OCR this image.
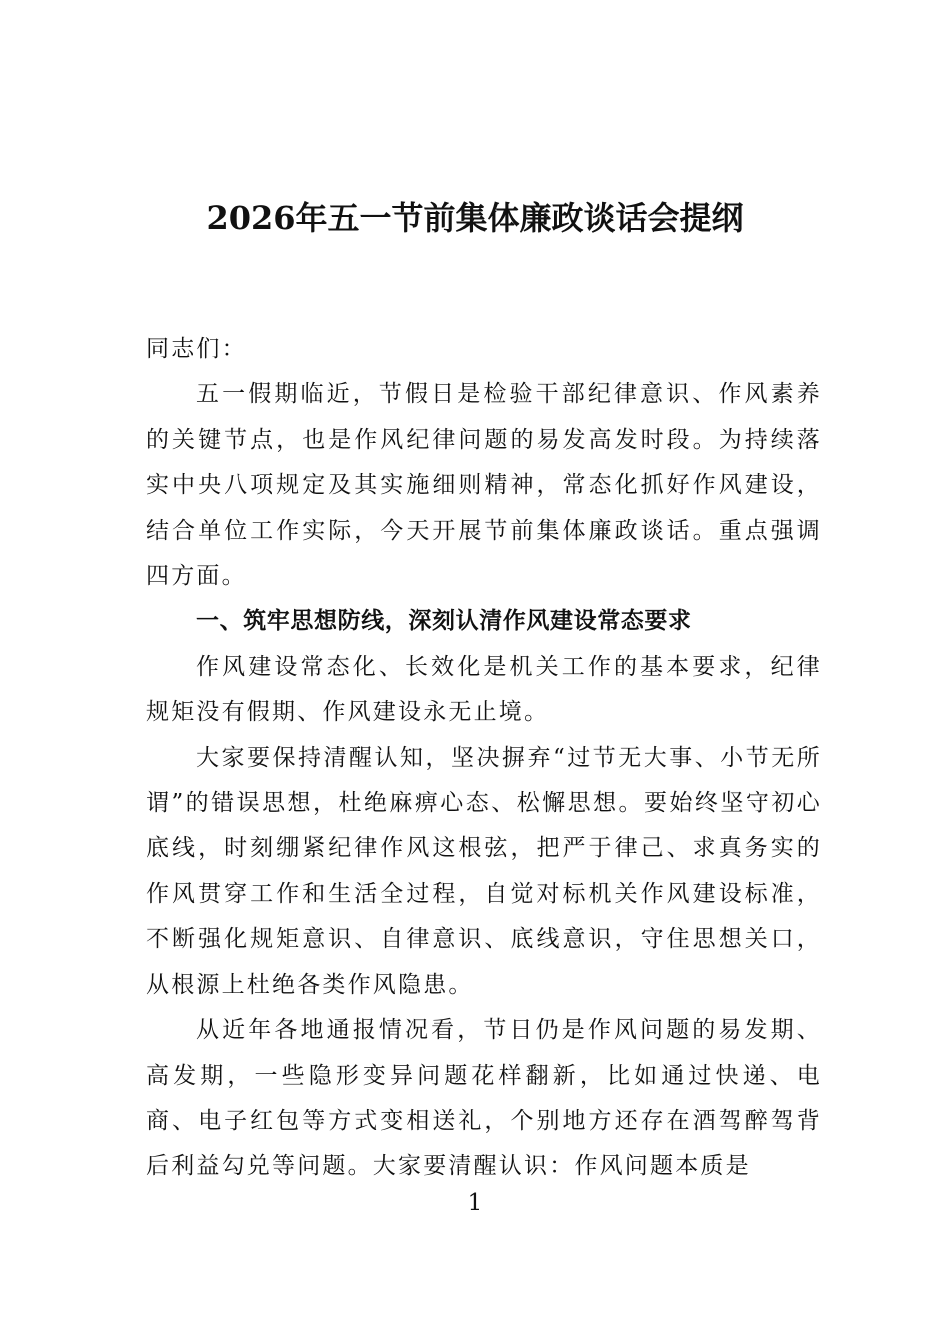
2026年五一节前集体廉政谈话会提纲

同志们：

五一假期临近，节假日是检验干部纪律意识、作风素养的关键节点，也是作风纪律问题的易发高发时段。为持续落实中央八项规定及其实施细则精神，常态化抓好作风建设，结合单位工作实际，今天开展节前集体廉政谈话。重点强调四方面。

一、筑牢思想防线，深刻认清作风建设常态要求

作风建设常态化、长效化是机关工作的基本要求，纪律规矩没有假期、作风建设永无止境。

大家要保持清醒认知，坚决摒弃“过节无大事、小节无所谓”的错误思想，杜绝麻痹心态、松懈思想。要始终坚守初心底线，时刻绷紧纪律作风这根弦，把严于律己、求真务实的作风贯穿工作和生活全过程，自觉对标机关作风建设标准，不断强化规矩意识、自律意识、底线意识，守住思想关口，从根源上杜绝各类作风隐患。

从近年各地通报情况看，节日仍是作风问题的易发期、高发期，一些隐形变异问题花样翻新，比如通过快递、电商、电子红包等方式变相送礼，个别地方还存在酒驾醉驾背后利益勾兑等问题。大家要清醒认识：作风问题本质是

1
